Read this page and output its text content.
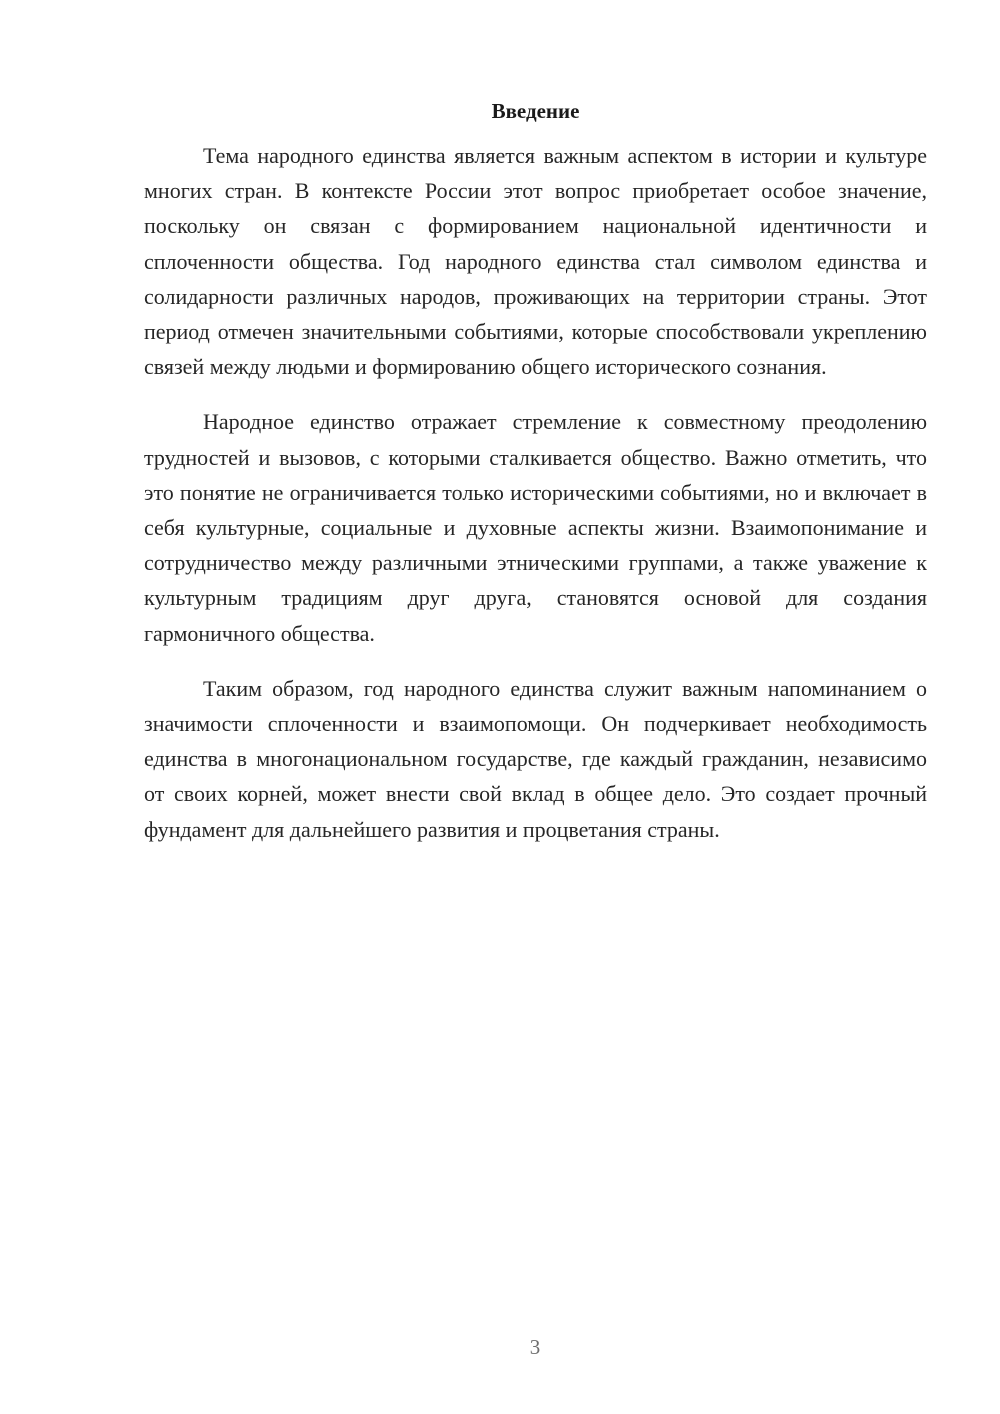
Введение

Тема народного единства является важным аспектом в истории и культуре многих стран. В контексте России этот вопрос приобретает особое значение, поскольку он связан с формированием национальной идентичности и сплоченности общества. Год народного единства стал символом единства и солидарности различных народов, проживающих на территории страны. Этот период отмечен значительными событиями, которые способствовали укреплению связей между людьми и формированию общего исторического сознания.

Народное единство отражает стремление к совместному преодолению трудностей и вызовов, с которыми сталкивается общество. Важно отметить, что это понятие не ограничивается только историческими событиями, но и включает в себя культурные, социальные и духовные аспекты жизни. Взаимопонимание и сотрудничество между различными этническими группами, а также уважение к культурным традициям друг друга, становятся основой для создания гармоничного общества.

Таким образом, год народного единства служит важным напоминанием о значимости сплоченности и взаимопомощи. Он подчеркивает необходимость единства в многонациональном государстве, где каждый гражданин, независимо от своих корней, может внести свой вклад в общее дело. Это создает прочный фундамент для дальнейшего развития и процветания страны.

3
